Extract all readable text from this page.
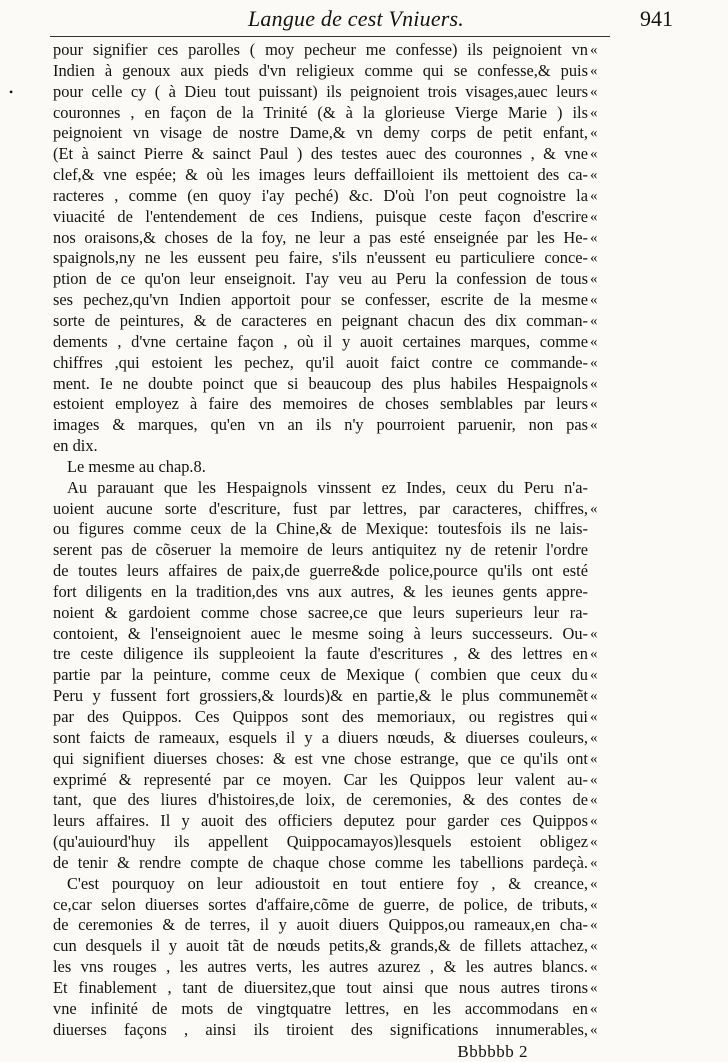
Langue de cest Vniuers.	941
•
pour signifier ces parolles ( moy pecheur me confesse) ils peignoient vn
Indien à genoux aux pieds d'vn religieux comme qui se confesse,& puis
pour celle cy ( à Dieu tout puissant) ils peignoient trois visages,auec leurs
couronnes , en façon de la Trinité (& à la glorieuse Vierge Marie ) ils
peignoient vn visage de nostre Dame,& vn demy corps de petit enfant,
(Et à sainct Pierre & sainct Paul ) des testes auec des couronnes , & vne
clef,& vne espée; & où les images leurs deffailloient ils mettoient des ca-
racteres , comme (en quoy i'ay peché) &c. D'où l'on peut cognoistre la
viuacité de l'entendement de ces Indiens, puisque ceste façon d'escrire
nos oraisons,& choses de la foy, ne leur a pas esté enseignée par les He-
spaignols,ny ne les eussent peu faire, s'ils n'eussent eu particuliere conce-
ption de ce qu'on leur enseignoit. I'ay veu au Peru la confession de tous
ses pechez,qu'vn Indien apportoit pour se confesser, escrite de la mesme
sorte de peintures, & de caracteres en peignant chacun des dix comman-
dements , d'vne certaine façon , où il y auoit certaines marques, comme
chiffres ,qui estoient les pechez, qu'il auoit faict contre ce commande-
ment. Ie ne doubte poinct que si beaucoup des plus habiles Hespaignols
estoient employez à faire des memoires de choses semblables par leurs
images & marques, qu'en vn an ils n'y pourroient paruenir, non pas
en dix.
Le mesme au chap.8.
Au parauant que les Hespaignols vinssent ez Indes, ceux du Peru n'a-
uoient aucune sorte d'escriture, fust par lettres, par caracteres, chiffres,
ou figures comme ceux de la Chine,& de Mexique: toutesfois ils ne lais-
serent pas de cõseruer la memoire de leurs antiquitez ny de retenir l'ordre
de toutes leurs affaires de paix,de guerre&de police,pource qu'ils ont esté
fort diligents en la tradition,des vns aux autres, & les ieunes gents appre-
noient & gardoient comme chose sacree,ce que leurs superieurs leur ra-
contoient, & l'enseignoient auec le mesme soing à leurs successeurs. Ou-
tre ceste diligence ils suppleoient la faute d'escritures , & des lettres en
partie par la peinture, comme ceux de Mexique ( combien que ceux du
Peru y fussent fort grossiers,& lourds)& en partie,& le plus communemẽt
par des Quippos. Ces Quippos sont des memoriaux, ou registres qui
sont faicts de rameaux, esquels il y a diuers nœuds, & diuerses couleurs,
qui signifient diuerses choses: & est vne chose estrange, que ce qu'ils ont
exprimé & representé par ce moyen. Car les Quippos leur valent au-
tant, que des liures d'histoires,de loix, de ceremonies, & des contes de
leurs affaires. Il y auoit des officiers deputez pour garder ces Quippos
(qu'auiourd'huy ils appellent Quippocamayos)lesquels estoient obligez
de tenir & rendre compte de chaque chose comme les tabellions pardeçà.
C'est pourquoy on leur adioustoit en tout entiere foy , & creance,
ce,car selon diuerses sortes d'affaire,cõme de guerre, de police, de tributs,
de ceremonies & de terres, il y auoit diuers Quippos,ou rameaux,en cha-
cun desquels il y auoit tãt de nœuds petits,& grands,& de fillets attachez,
les vns rouges , les autres verts, les autres azurez , & les autres blancs.
Et finablement , tant de diuersitez,que tout ainsi que nous autres tirons
vne infinité de mots de vingtquatre lettres, en les accommodans en
diuerses façons , ainsi ils tiroient des significations innumerables,
Bbbbbb 2
«
«
«
«
«
«
«
«
«
«
«
«
«
«
«
«
«
«
«
«
«
«
«
«
«
«
«
«
«
«
«
«
«
«
«
«
«
«
«
«
